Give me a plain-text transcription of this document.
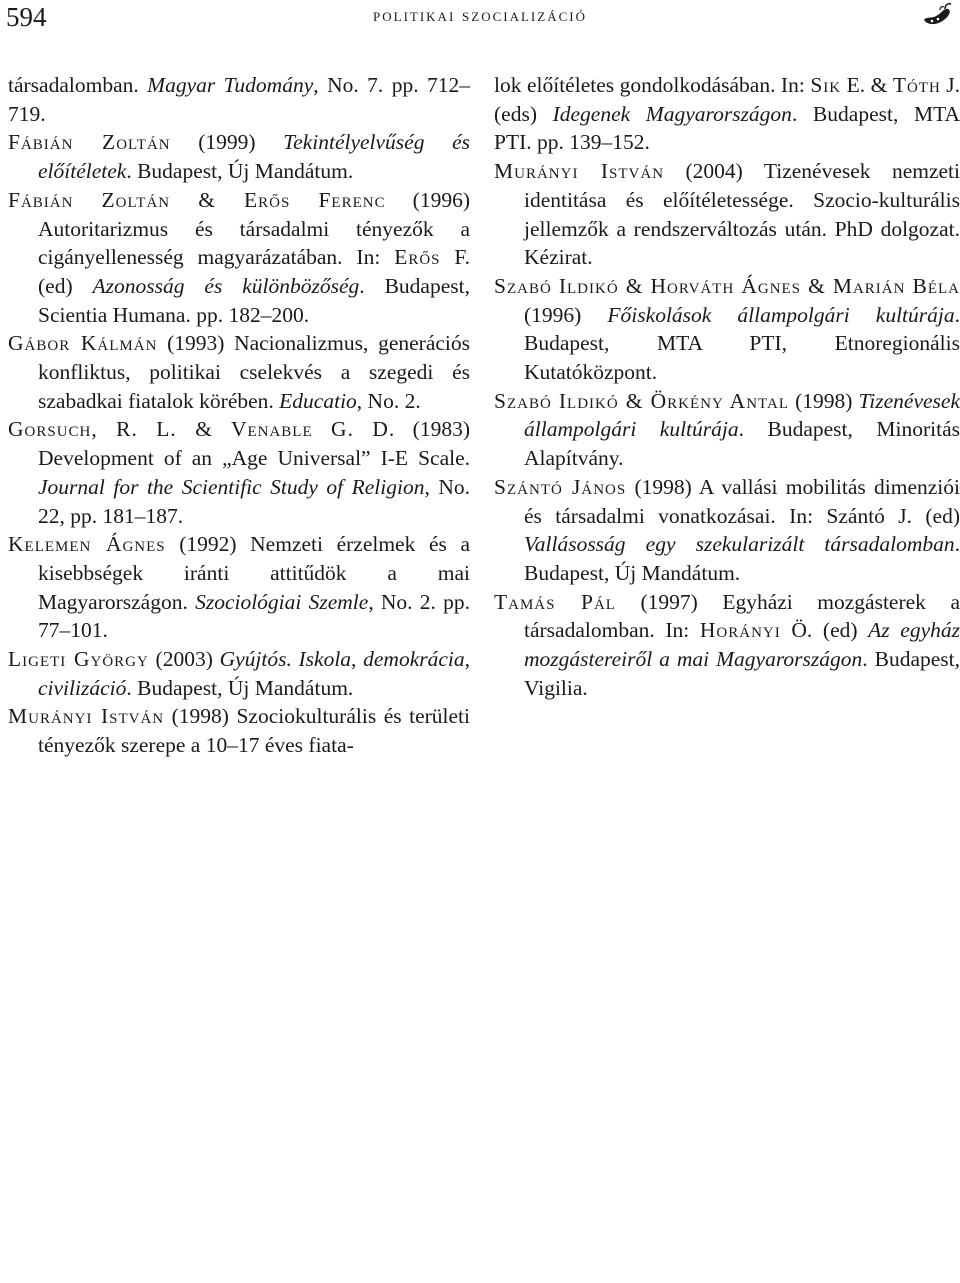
594	politikai szocializáció

társadalomban. Magyar Tudomány, No. 7. pp. 712–719.

Fábián Zoltán (1999) Tekintélyelvűség és előítéletek. Budapest, Új Mandátum.

Fábián Zoltán & Erős Ferenc (1996) Autoritarizmus és társadalmi tényezők a cigányellenesség magyarázatában. In: Erős F. (ed) Azonosság és különbözőség. Budapest, Scientia Humana. pp. 182–200.

Gábor Kálmán (1993) Nacionalizmus, generációs konfliktus, politikai cselekvés a szegedi és szabadkai fiatalok körében. Educatio, No. 2.

Gorsuch, R. L. & Venable G. D. (1983) Development of an „Age Universal” I-E Scale. Journal for the Scientific Study of Religion, No. 22, pp. 181–187.

Kelemen Ágnes (1992) Nemzeti érzelmek és a kisebbségek iránti attitűdök a mai Magyarországon. Szociológiai Szemle, No. 2. pp. 77–101.

Ligeti György (2003) Gyújtós. Iskola, demokrácia, civilizáció. Budapest, Új Mandátum.

Murányi István (1998) Szociokulturális és területi tényezők szerepe a 10–17 éves fiata-

lok előítéletes gondolkodásában. In: Sik E. & Tóth J. (eds) Idegenek Magyarországon. Budapest, MTA PTI. pp. 139–152.

Murányi István (2004) Tizenévesek nemzeti identitása és előítéletessége. Szocio-kulturális jellemzők a rendszerváltozás után. PhD dolgozat. Kézirat.

Szabó Ildikó & Horváth Ágnes & Marián Béla (1996) Főiskolások állampolgári kultúrája. Budapest, MTA PTI, Etnoregionális Kutatóközpont.

Szabó Ildikó & Örkény Antal (1998) Tizenévesek állampolgári kultúrája. Budapest, Minoritás Alapítvány.

Szántó János (1998) A vallási mobilitás dimenziói és társadalmi vonatkozásai. In: Szántó J. (ed) Vallásosság egy szekularizált társadalomban. Budapest, Új Mandátum.

Tamás Pál (1997) Egyházi mozgásterek a társadalomban. In: Horányi Ö. (ed) Az egyház mozgástereiről a mai Magyarországon. Budapest, Vigilia.
